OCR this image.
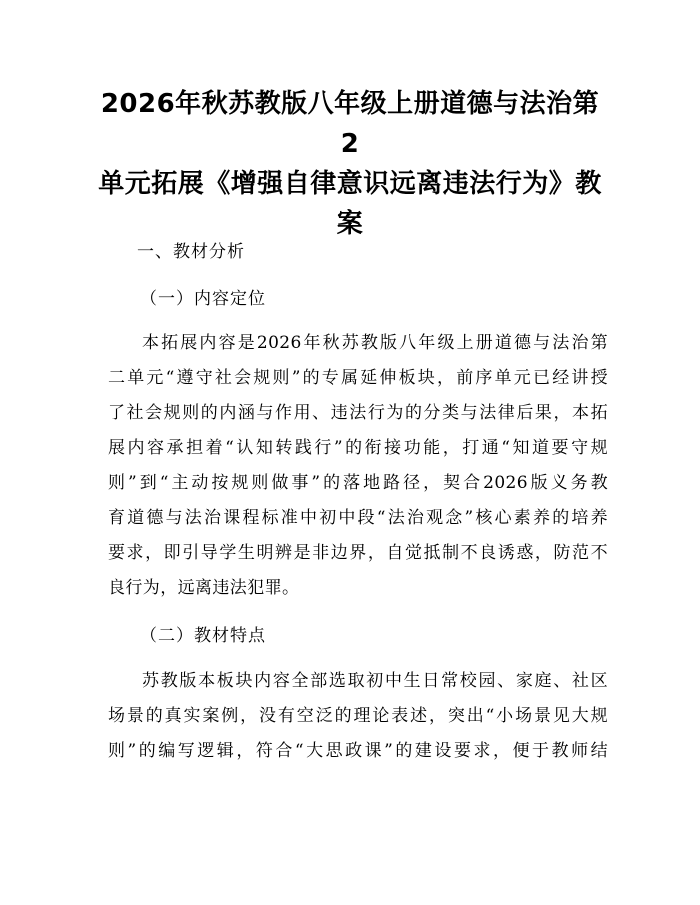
2026年秋苏教版八年级上册道德与法治第2
单元拓展《增强自律意识远离违法行为》教
案

一、教材分析

（一）内容定位

本拓展内容是2026年秋苏教版八年级上册道德与法治第
二单元“遵守社会规则”的专属延伸板块，前序单元已经讲授
了社会规则的内涵与作用、违法行为的分类与法律后果，本拓
展内容承担着“认知转践行”的衔接功能，打通“知道要守规
则”到“主动按规则做事”的落地路径，契合2026版义务教
育道德与法治课程标准中初中段“法治观念”核心素养的培养
要求，即引导学生明辨是非边界，自觉抵制不良诱惑，防范不
良行为，远离违法犯罪。

（二）教材特点

苏教版本板块内容全部选取初中生日常校园、家庭、社区
场景的真实案例，没有空泛的理论表述，突出“小场景见大规
则”的编写逻辑，符合“大思政课”的建设要求，便于教师结
